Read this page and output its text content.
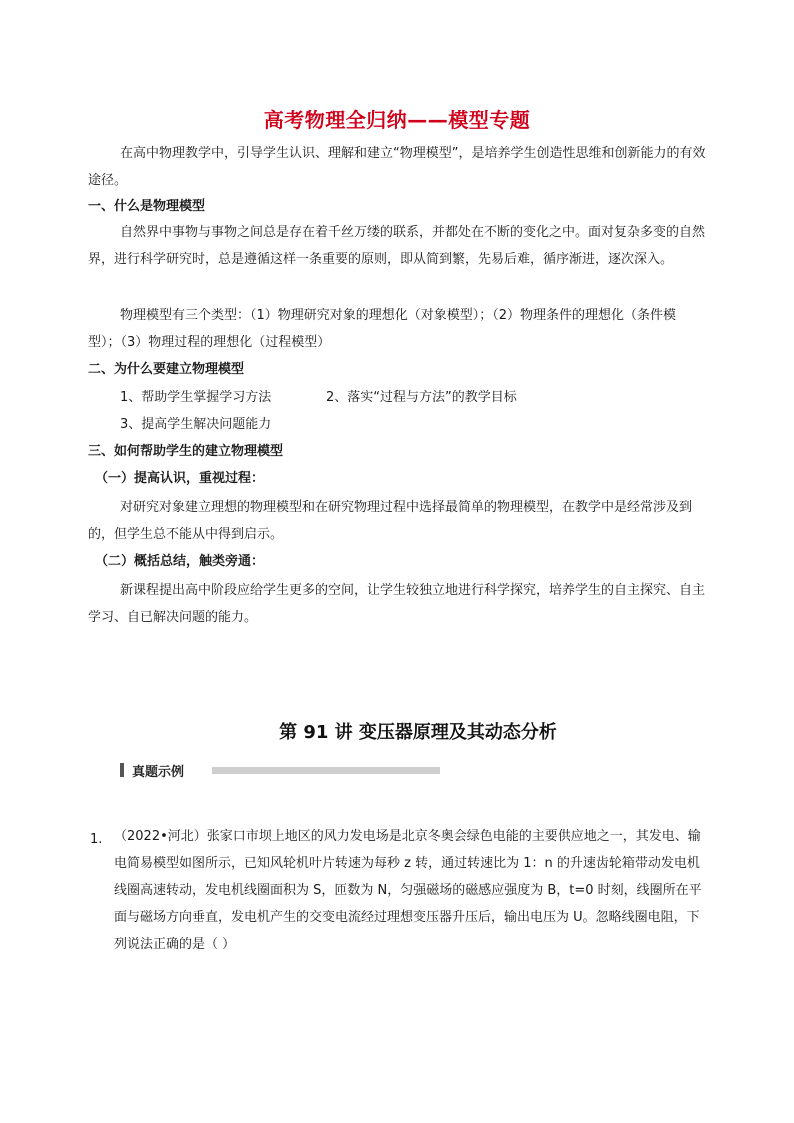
高考物理全归纳——模型专题
在高中物理教学中，引导学生认识、理解和建立“物理模型”，是培养学生创造性思维和创新能力的有效途径。
一、什么是物理模型
自然界中事物与事物之间总是存在着千丝万缕的联系，并都处在不断的变化之中。面对复杂多变的自然界，进行科学研究时，总是遵循这样一条重要的原则，即从简到繁，先易后难，循序渐进，逐次深入。
物理模型有三个类型：（1）物理研究对象的理想化（对象模型）；（2）物理条件的理想化（条件模型）；（3）物理过程的理想化（过程模型）
二、为什么要建立物理模型
1、帮助学生掌握学习方法	2、落实“过程与方法”的教学目标
3、提高学生解决问题能力
三、如何帮助学生的建立物理模型
（一）提高认识，重视过程：
对研究对象建立理想的物理模型和在研究物理过程中选择最简单的物理模型，在教学中是经常涉及到的，但学生总不能从中得到启示。
（二）概括总结，触类旁通：
新课程提出高中阶段应给学生更多的空间，让学生较独立地进行科学探究，培养学生的自主探究、自主学习、自已解决问题的能力。
第 91 讲 变压器原理及其动态分析
真题示例
1. （2022•河北）张家口市坝上地区的风力发电场是北京冬奥会绿色电能的主要供应地之一，其发电、输电简易模型如图所示，已知风轮机叶片转速为每秒 z 转，通过转速比为 1：n 的升速齿轮箱带动发电机线圈高速转动，发电机线圈面积为 S，匝数为 N，匀强磁场的磁感应强度为 B，t=0 时刻，线圈所在平面与磁场方向垂直，发电机产生的交变电流经过理想变压器升压后，输出电压为 U。忽略线圈电阻，下列说法正确的是（ ）
